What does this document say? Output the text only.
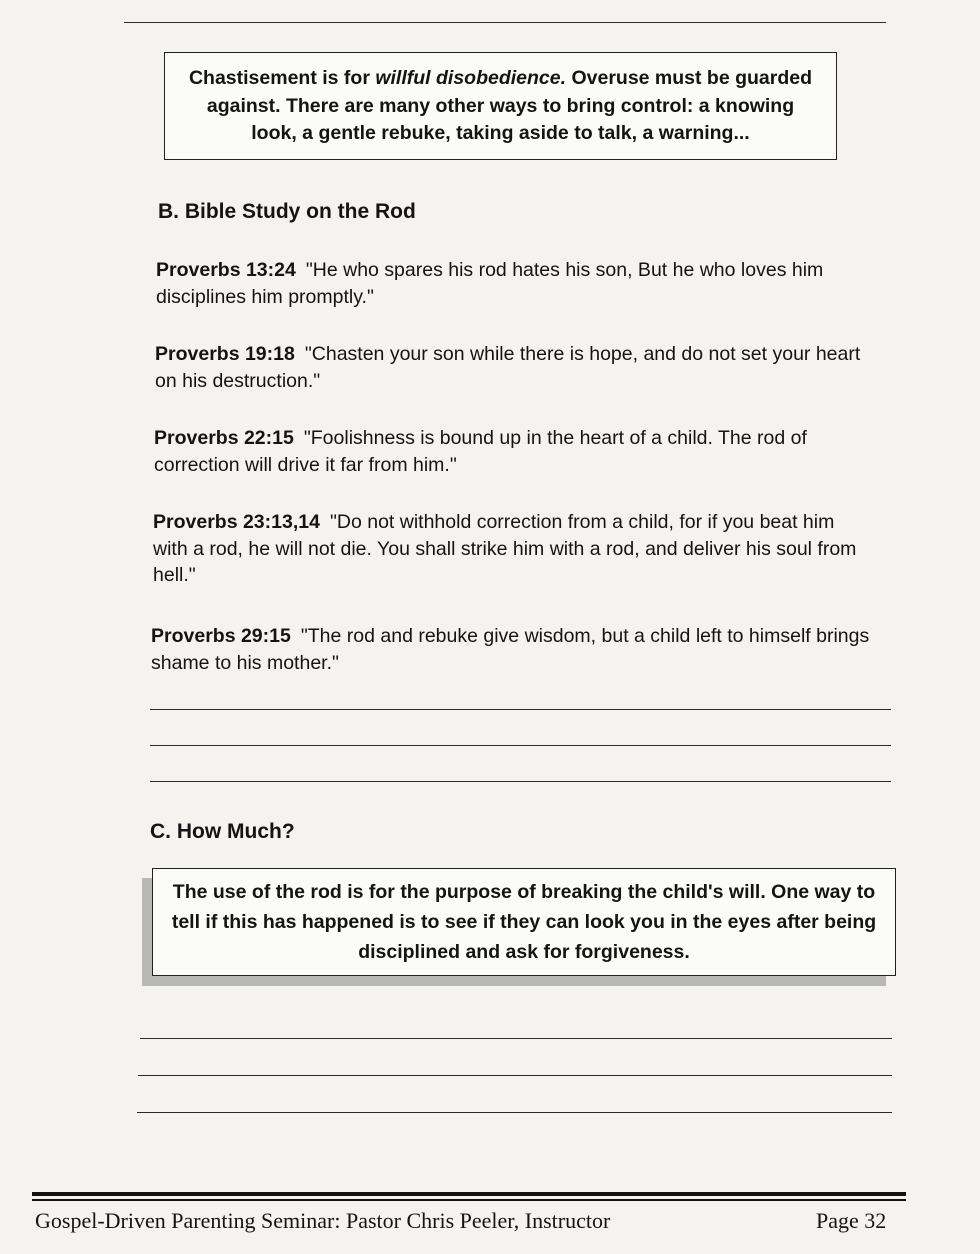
Chastisement is for willful disobedience. Overuse must be guarded against. There are many other ways to bring control: a knowing look, a gentle rebuke, taking aside to talk, a warning...
B. Bible Study on the Rod
Proverbs 13:24 "He who spares his rod hates his son, But he who loves him disciplines him promptly."
Proverbs 19:18 "Chasten your son while there is hope, and do not set your heart on his destruction."
Proverbs 22:15 "Foolishness is bound up in the heart of a child. The rod of correction will drive it far from him."
Proverbs 23:13,14 "Do not withhold correction from a child, for if you beat him with a rod, he will not die. You shall strike him with a rod, and deliver his soul from hell."
Proverbs 29:15 "The rod and rebuke give wisdom, but a child left to himself brings shame to his mother."
C. How Much?
The use of the rod is for the purpose of breaking the child's will. One way to tell if this has happened is to see if they can look you in the eyes after being disciplined and ask for forgiveness.
Gospel-Driven Parenting Seminar: Pastor Chris Peeler, Instructor	Page 32
